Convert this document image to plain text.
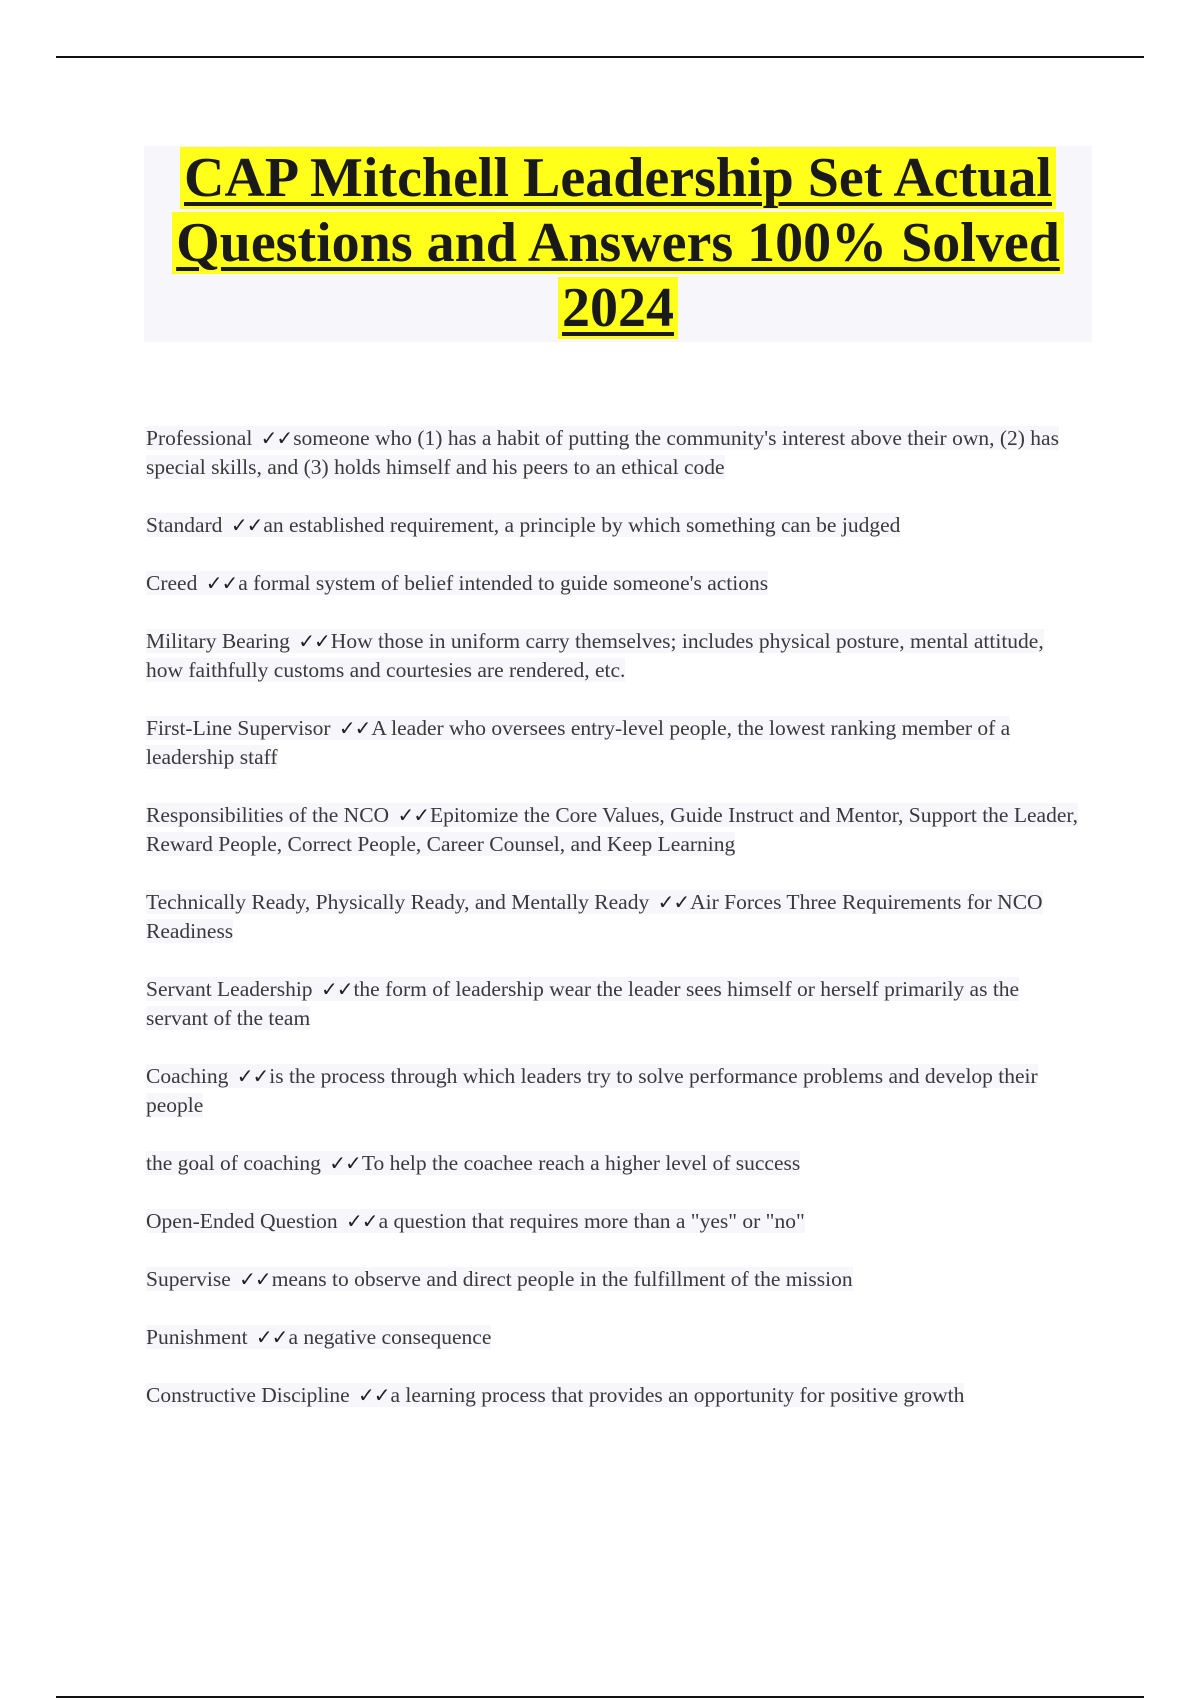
CAP Mitchell Leadership Set Actual Questions and Answers 100% Solved 2024

Professional ✓✓someone who (1) has a habit of putting the community's interest above their own, (2) has special skills, and (3) holds himself and his peers to an ethical code

Standard ✓✓an established requirement, a principle by which something can be judged

Creed ✓✓a formal system of belief intended to guide someone's actions

Military Bearing ✓✓How those in uniform carry themselves; includes physical posture, mental attitude, how faithfully customs and courtesies are rendered, etc.

First-Line Supervisor ✓✓A leader who oversees entry-level people, the lowest ranking member of a leadership staff

Responsibilities of the NCO ✓✓Epitomize the Core Values, Guide Instruct and Mentor, Support the Leader, Reward People, Correct People, Career Counsel, and Keep Learning

Technically Ready, Physically Ready, and Mentally Ready ✓✓Air Forces Three Requirements for NCO Readiness

Servant Leadership ✓✓the form of leadership wear the leader sees himself or herself primarily as the servant of the team

Coaching ✓✓is the process through which leaders try to solve performance problems and develop their people

the goal of coaching ✓✓To help the coachee reach a higher level of success

Open-Ended Question ✓✓a question that requires more than a "yes" or "no"

Supervise ✓✓means to observe and direct people in the fulfillment of the mission

Punishment ✓✓a negative consequence

Constructive Discipline ✓✓a learning process that provides an opportunity for positive growth
